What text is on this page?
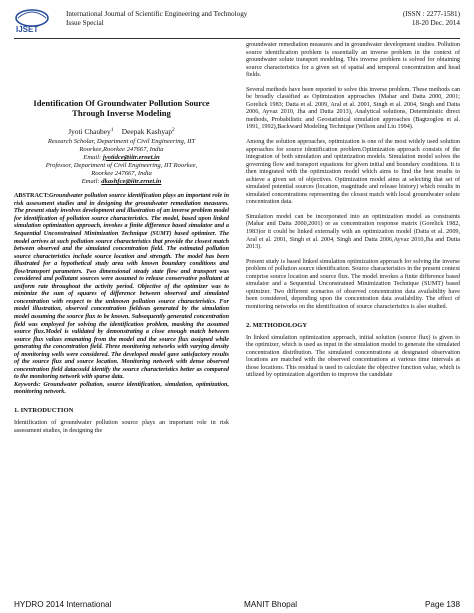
IJSET
International Journal of Scientific Engineering and Technology
Issue Special
(ISSN : 2277-1581)
18-20 Dec. 2014
Identification Of Groundwater Pollution Source
Through Inverse Modeling
Jyoti Chaubey$^1$ Deepak Kashyap$^2$
Research Scholar, Department of Civil Engineering, IIT
Roorkee,Roorkee 247667, India
Email: jyotidce@iitr.ernet.in
Professor, Department of Civil Engineering, IIT Roorkee,
Roorkee 247667, India
Email: dkashfce@iitr.ernet.in
ABSTRACT:Groundwater pollution source identification plays an important role in risk assessment studies and in designing the groundwater remediation measures. The present study involves development and illustration of an inverse problem model for identification of pollution source characteristics. The model, based upon linked simulation optimization approach, invokes a finite difference based simulator and a Sequential Unconstrained Minimization Technique (SUMT) based optimizer. The model arrives at such pollution source characteristics that provide the closest match between observed and the simulated concentration field. The estimated pollution source characteristics include source location and strength. The model has been illustrated for a hypothetical study area with known boundary conditions and flow/transport parameters. Two dimensional steady state flow and transport was considered and pollutant sources were assumed to release conservative pollutant at uniform rate throughout the activity period. Objective of the optimizer was to minimize the sum of squares of difference between observed and simulated concentration with respect to the unknown pollution source characteristics. For model illustration, observed concentration fieldwas generated by the simulation model assuming the source flux to be known. Subsequently generated concentration field was employed for solving the identification problem, masking the assumed source flux.Model is validated by demonstrating a close enough match between source flux values emanating from the model and the source flux assigned while generating the concentration field. Three monitoring networks with varying density of monitoring wells were considered. The developed model gave satisfactory results of the source flux and source location. Monitoring network with dense observed concentration field datacould identify the source characteristics better as compared to the monitoring network with sparse data.
Keywords: Groundwater pollution, source identification, simulation, optimization, monitoring network.
1. INTRODUCTION
Identification of groundwater pollution source plays an important role in risk assessment studies, in designing the
groundwater remediation measures and in groundwater development studies. Pollution source identification problem is essentially an inverse problem in the context of groundwater solute transport modeling. This inverse problem is solved for obtaining source characteristics for a given set of spatial and temporal concentration and head fields.
Several methods have been reported to solve this inverse problem. These methods can be broadly classified as Optimization approaches (Mahar and Datta 2000, 2001; Gorelick 1983; Datta et al. 2009, Aral et al. 2001, Singh et al. 2004, Singh and Datta 2006, Ayvaz 2010, Jha and Dutta 2013), Analytical solutions, Deterministic direct methods, Probabilistic and Geostatistical simulation approaches (Bagtzoglou et al. 1991, 1992),Backward Modeling Technique (Wilson and Liu 1994).
Among the solution approaches, optimization is one of the most widely used solution approaches for source identification problem.Optimization approach consists of the integration of both simulation and optimization models. Simulation model solves the governing flow and transport equations for given initial and boundary conditions. It is then integrated with the optimization model which aims to find the best results to achieve a given set of objectives. Optimization model aims at selecting that set of simulated potential sources (location, magnitude and release history) which results in simulated concentrations representing the closest match with local groundwater solute concentration data.
Simulation model can be incorporated into an optimization model as constraints (Mahar and Datta 2000,2001) or as concentration response matrix (Gorelick 1982, 1983)or it could be linked externally with an optimization model (Datta et al. 2009, Aral et al. 2001, Singh et al. 2004, Singh and Datta 2006,Ayvaz 2010,Jha and Dutta 2013).
Present study is based linked simulation optimization approach for solving the inverse problem of pollution source identification. Source characteristics in the present context comprise source location and source flux. The model invokes a finite difference based simulator and a Sequential Unconstrained Minimization Technique (SUMT) based optimizer. Two different scenarios of observed concentration data availability have been considered, depending upon the concentration data availability. The effect of monitoring networks on the identification of source characteristics is also studied.
2. METHODOLOGY
In linked simulation optimization approach, initial solution (source flux) is given to the optimizer, which is used as input in the simulation model to generate the simulated concentration distribution. The simulated concentrations at designated observation locations are matched with the observed concentrations at various time intervals at those locations. This residual is used to calculate the objective function value, which is utilized by optimization algorithm to improve the candidate
HYDRO 2014 International	MANIT Bhopal	Page 138
